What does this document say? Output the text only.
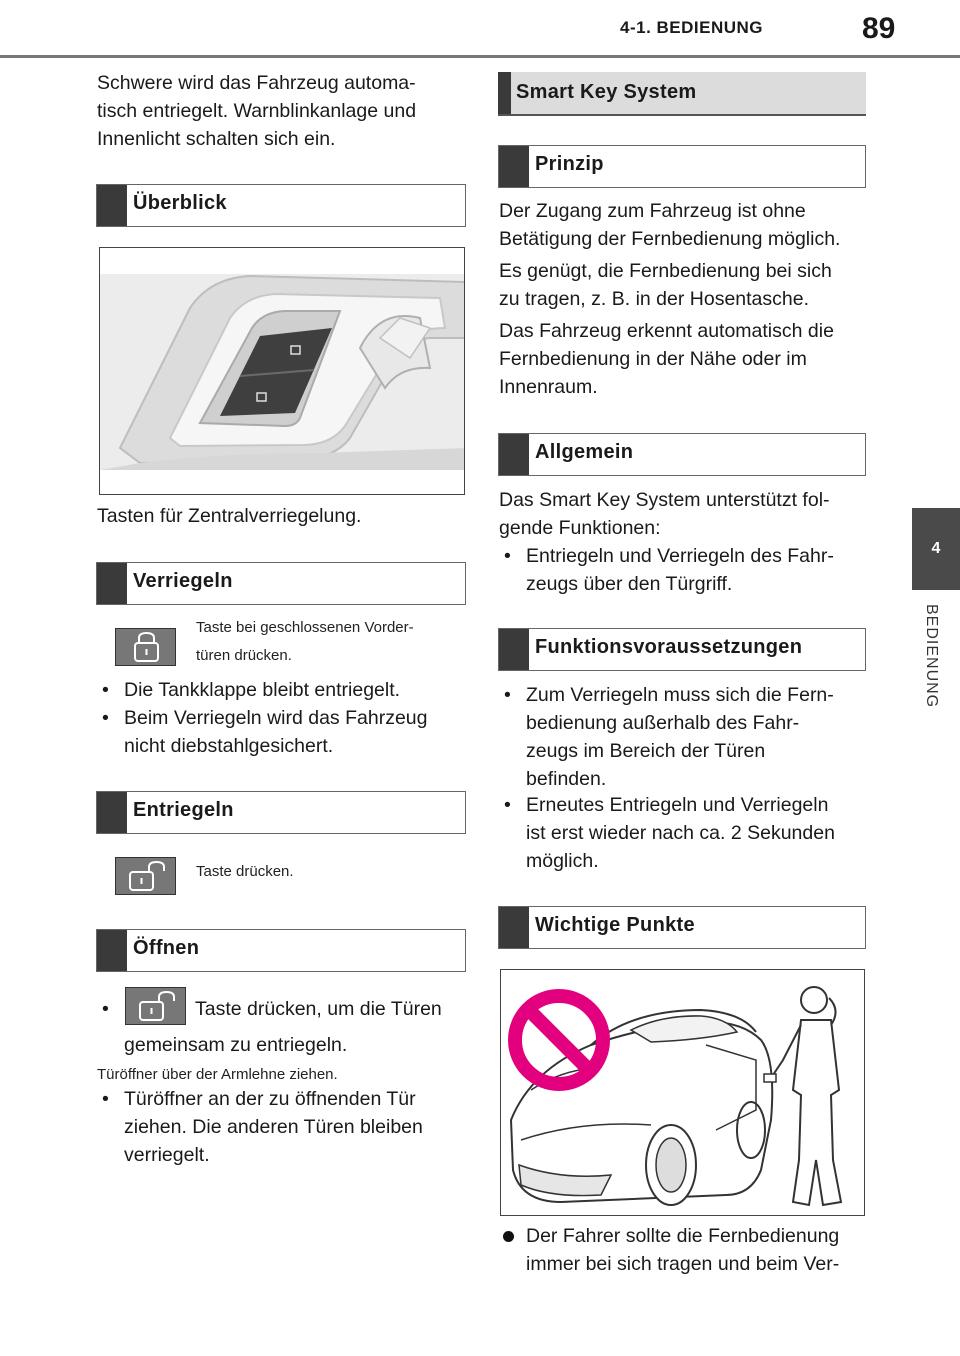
4-1. BEDIENUNG	89
4
BEDIENUNG
Schwere wird das Fahrzeug automa-
tisch entriegelt. Warnblinkanlage und
Innenlicht schalten sich ein.
Überblick
Tasten für Zentralverriegelung.
Verriegeln
Taste bei geschlossenen Vorder-
türen drücken.
• Die Tankklappe bleibt entriegelt.
• Beim Verriegeln wird das Fahrzeug
nicht diebstahlgesichert.
Entriegeln
Taste drücken.
Öffnen
•	Taste drücken, um die Türen
gemeinsam zu entriegeln.
Türöffner über der Armlehne ziehen.
• Türöffner an der zu öffnenden Tür
ziehen. Die anderen Türen bleiben
verriegelt.
Smart Key System
Prinzip
Der Zugang zum Fahrzeug ist ohne
Betätigung der Fernbedienung möglich.
Es genügt, die Fernbedienung bei sich
zu tragen, z. B. in der Hosentasche.
Das Fahrzeug erkennt automatisch die
Fernbedienung in der Nähe oder im
Innenraum.
Allgemein
Das Smart Key System unterstützt fol-
gende Funktionen:
• Entriegeln und Verriegeln des Fahr-
zeugs über den Türgriff.
Funktionsvoraussetzungen
• Zum Verriegeln muss sich die Fern-
bedienung außerhalb des Fahr-
zeugs im Bereich der Türen
befinden.
• Erneutes Entriegeln und Verriegeln
ist erst wieder nach ca. 2 Sekunden
möglich.
Wichtige Punkte
Der Fahrer sollte die Fernbedienung
immer bei sich tragen und beim Ver-
